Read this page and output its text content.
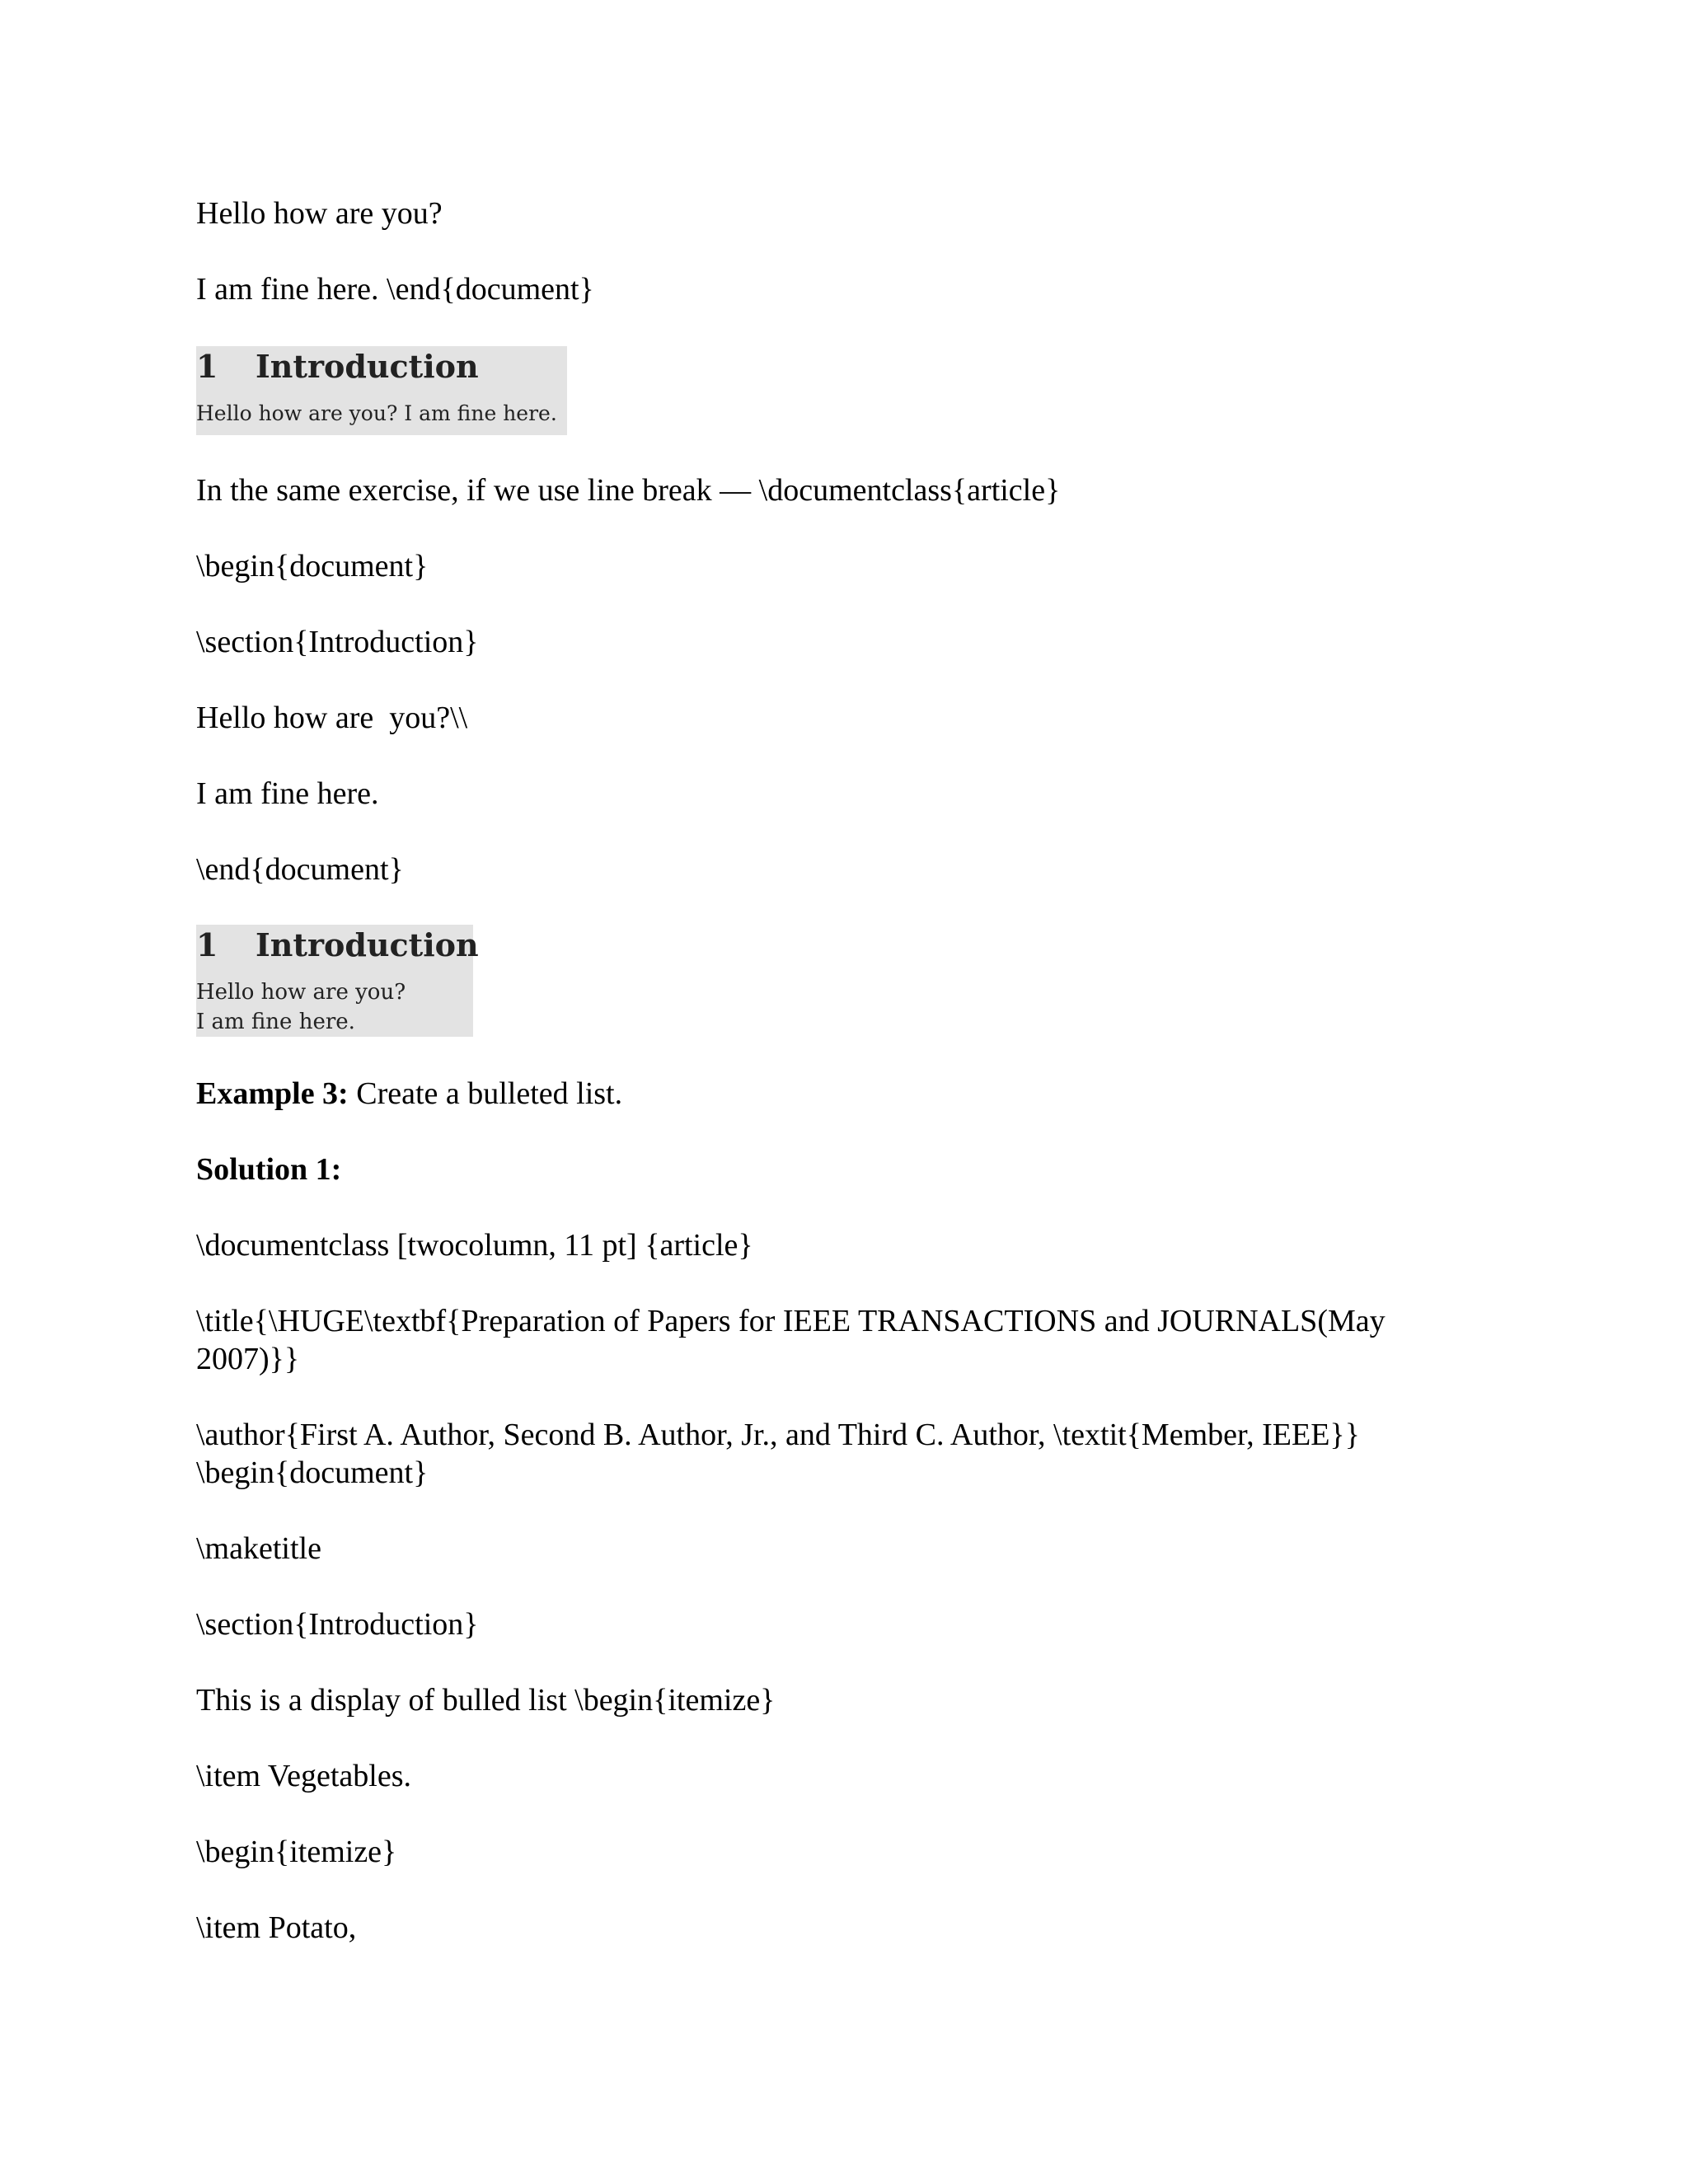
Hello how are you?

I am fine here. \end{document}

1 Introduction
Hello how are you? I am fine here.

In the same exercise, if we use line break — \documentclass{article}

\begin{document}

\section{Introduction}

Hello how are  you?\\

I am fine here.

\end{document}

1 Introduction
Hello how are you?
I am fine here.

Example 3: Create a bulleted list.

Solution 1:

\documentclass [twocolumn, 11 pt] {article}

\title{\HUGE\textbf{Preparation of Papers for IEEE TRANSACTIONS and JOURNALS(May 2007)}}

\author{First A. Author, Second B. Author, Jr., and Third C. Author, \textit{Member, IEEE}}

\begin{document}

\maketitle

\section{Introduction}

This is a display of bulled list \begin{itemize}

\item Vegetables.

\begin{itemize}

\item Potato,
